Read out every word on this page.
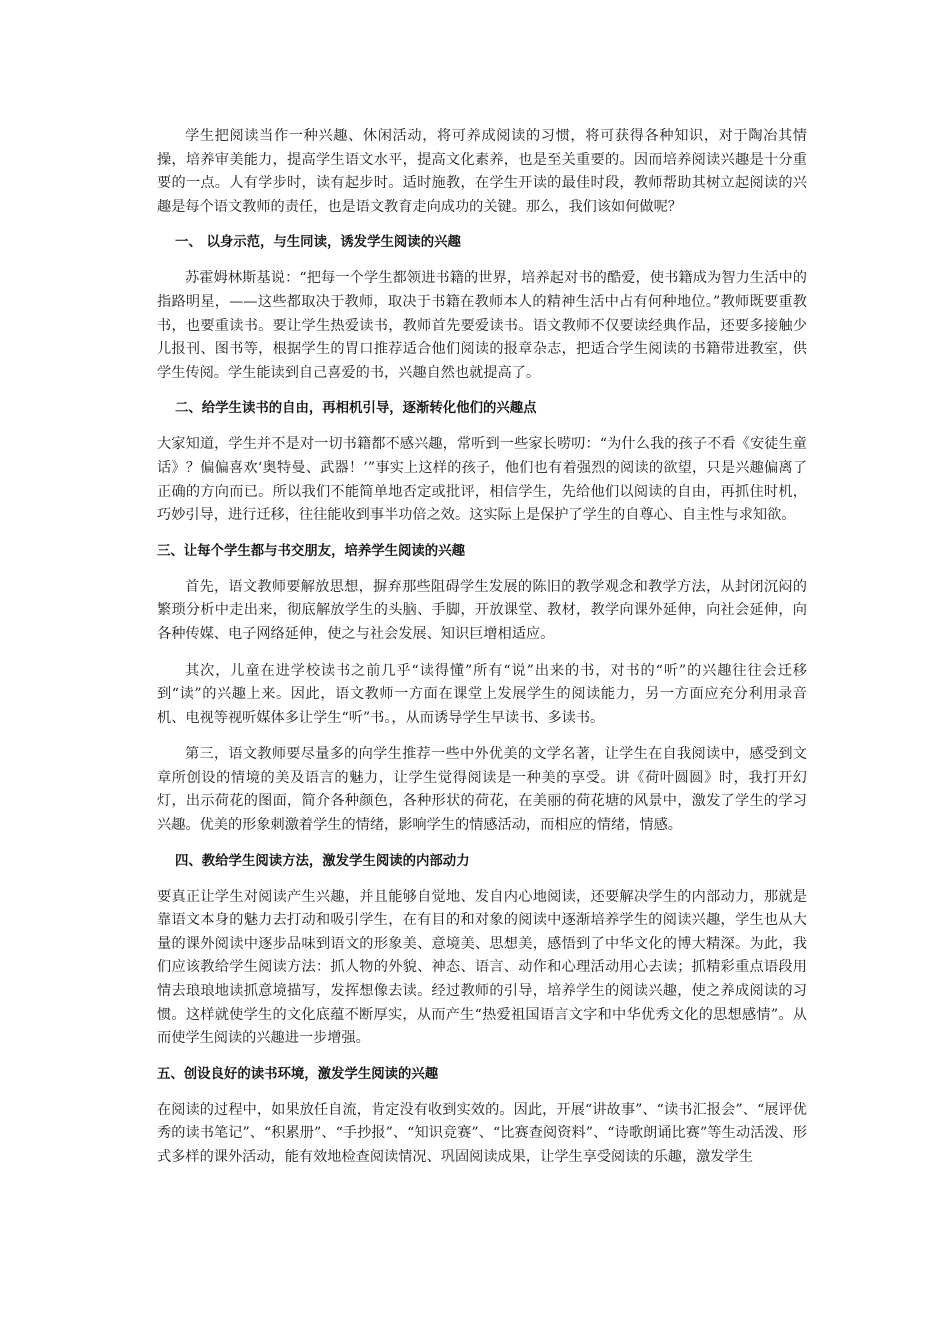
学生把阅读当作一种兴趣、休闲活动，将可养成阅读的习惯，将可获得各种知识，对于陶冶其情操，培养审美能力，提高学生语文水平，提高文化素养，也是至关重要的。因而培养阅读兴趣是十分重要的一点。人有学步时，读有起步时。适时施教，在学生开读的最佳时段，教师帮助其树立起阅读的兴趣是每个语文教师的责任，也是语文教育走向成功的关键。那么，我们该如何做呢？

一、 以身示范，与生同读，诱发学生阅读的兴趣

苏霍姆林斯基说：“把每一个学生都领进书籍的世界，培养起对书的酷爱，使书籍成为智力生活中的指路明星，——这些都取决于教师，取决于书籍在教师本人的精神生活中占有何种地位。”教师既要重教书，也要重读书。要让学生热爱读书，教师首先要爱读书。语文教师不仅要读经典作品，还要多接触少儿报刊、图书等，根据学生的胃口推荐适合他们阅读的报章杂志，把适合学生阅读的书籍带进教室，供学生传阅。学生能读到自己喜爱的书，兴趣自然也就提高了。

二、给学生读书的自由，再相机引导，逐渐转化他们的兴趣点

大家知道，学生并不是对一切书籍都不感兴趣，常听到一些家长唠叨：“为什么我的孩子不看《安徒生童话》？偏偏喜欢‘奥特曼、武器！’”事实上这样的孩子，他们也有着强烈的阅读的欲望，只是兴趣偏离了正确的方向而已。所以我们不能简单地否定或批评，相信学生，先给他们以阅读的自由，再抓住时机，巧妙引导，进行迁移，往往能收到事半功倍之效。这实际上是保护了学生的自尊心、自主性与求知欲。

三、让每个学生都与书交朋友，培养学生阅读的兴趣

首先，语文教师要解放思想，摒弃那些阻碍学生发展的陈旧的教学观念和教学方法，从封闭沉闷的繁琐分析中走出来，彻底解放学生的头脑、手脚，开放课堂、教材，教学向课外延伸，向社会延伸，向各种传媒、电子网络延伸，使之与社会发展、知识巨增相适应。

其次，儿童在进学校读书之前几乎“读得懂”所有“说”出来的书，对书的“听”的兴趣往往会迁移到“读”的兴趣上来。因此，语文教师一方面在课堂上发展学生的阅读能力，另一方面应充分利用录音机、电视等视听媒体多让学生“听”书。，从而诱导学生早读书、多读书。

第三，语文教师要尽量多的向学生推荐一些中外优美的文学名著，让学生在自我阅读中，感受到文章所创设的情境的美及语言的魅力，让学生觉得阅读是一种美的享受。讲《荷叶圆圆》时，我打开幻灯，出示荷花的图面，简介各种颜色，各种形状的荷花，在美丽的荷花塘的风景中，激发了学生的学习兴趣。优美的形象刺激着学生的情绪，影响学生的情感活动，而相应的情绪，情感。

四、教给学生阅读方法，激发学生阅读的内部动力

要真正让学生对阅读产生兴趣，并且能够自觉地、发自内心地阅读，还要解决学生的内部动力，那就是靠语文本身的魅力去打动和吸引学生，在有目的和对象的阅读中逐渐培养学生的阅读兴趣，学生也从大量的课外阅读中逐步品味到语文的形象美、意境美、思想美，感悟到了中华文化的博大精深。为此，我们应该教给学生阅读方法：抓人物的外貌、神态、语言、动作和心理活动用心去读；抓精彩重点语段用情去琅琅地读抓意境描写，发挥想像去读。经过教师的引导，培养学生的阅读兴趣，使之养成阅读的习惯。这样就使学生的文化底蕴不断厚实，从而产生“热爱祖国语言文字和中华优秀文化的思想感情”。从而使学生阅读的兴趣进一步增强。

五、创设良好的读书环境，激发学生阅读的兴趣

在阅读的过程中，如果放任自流，肯定没有收到实效的。因此，开展“讲故事”、“读书汇报会”、“展评优秀的读书笔记”、“积累册”、“手抄报”、“知识竞赛”、“比赛查阅资料”、“诗歌朗诵比赛”等生动活泼、形式多样的课外活动，能有效地检查阅读情况、巩固阅读成果，让学生享受阅读的乐趣，激发学生
